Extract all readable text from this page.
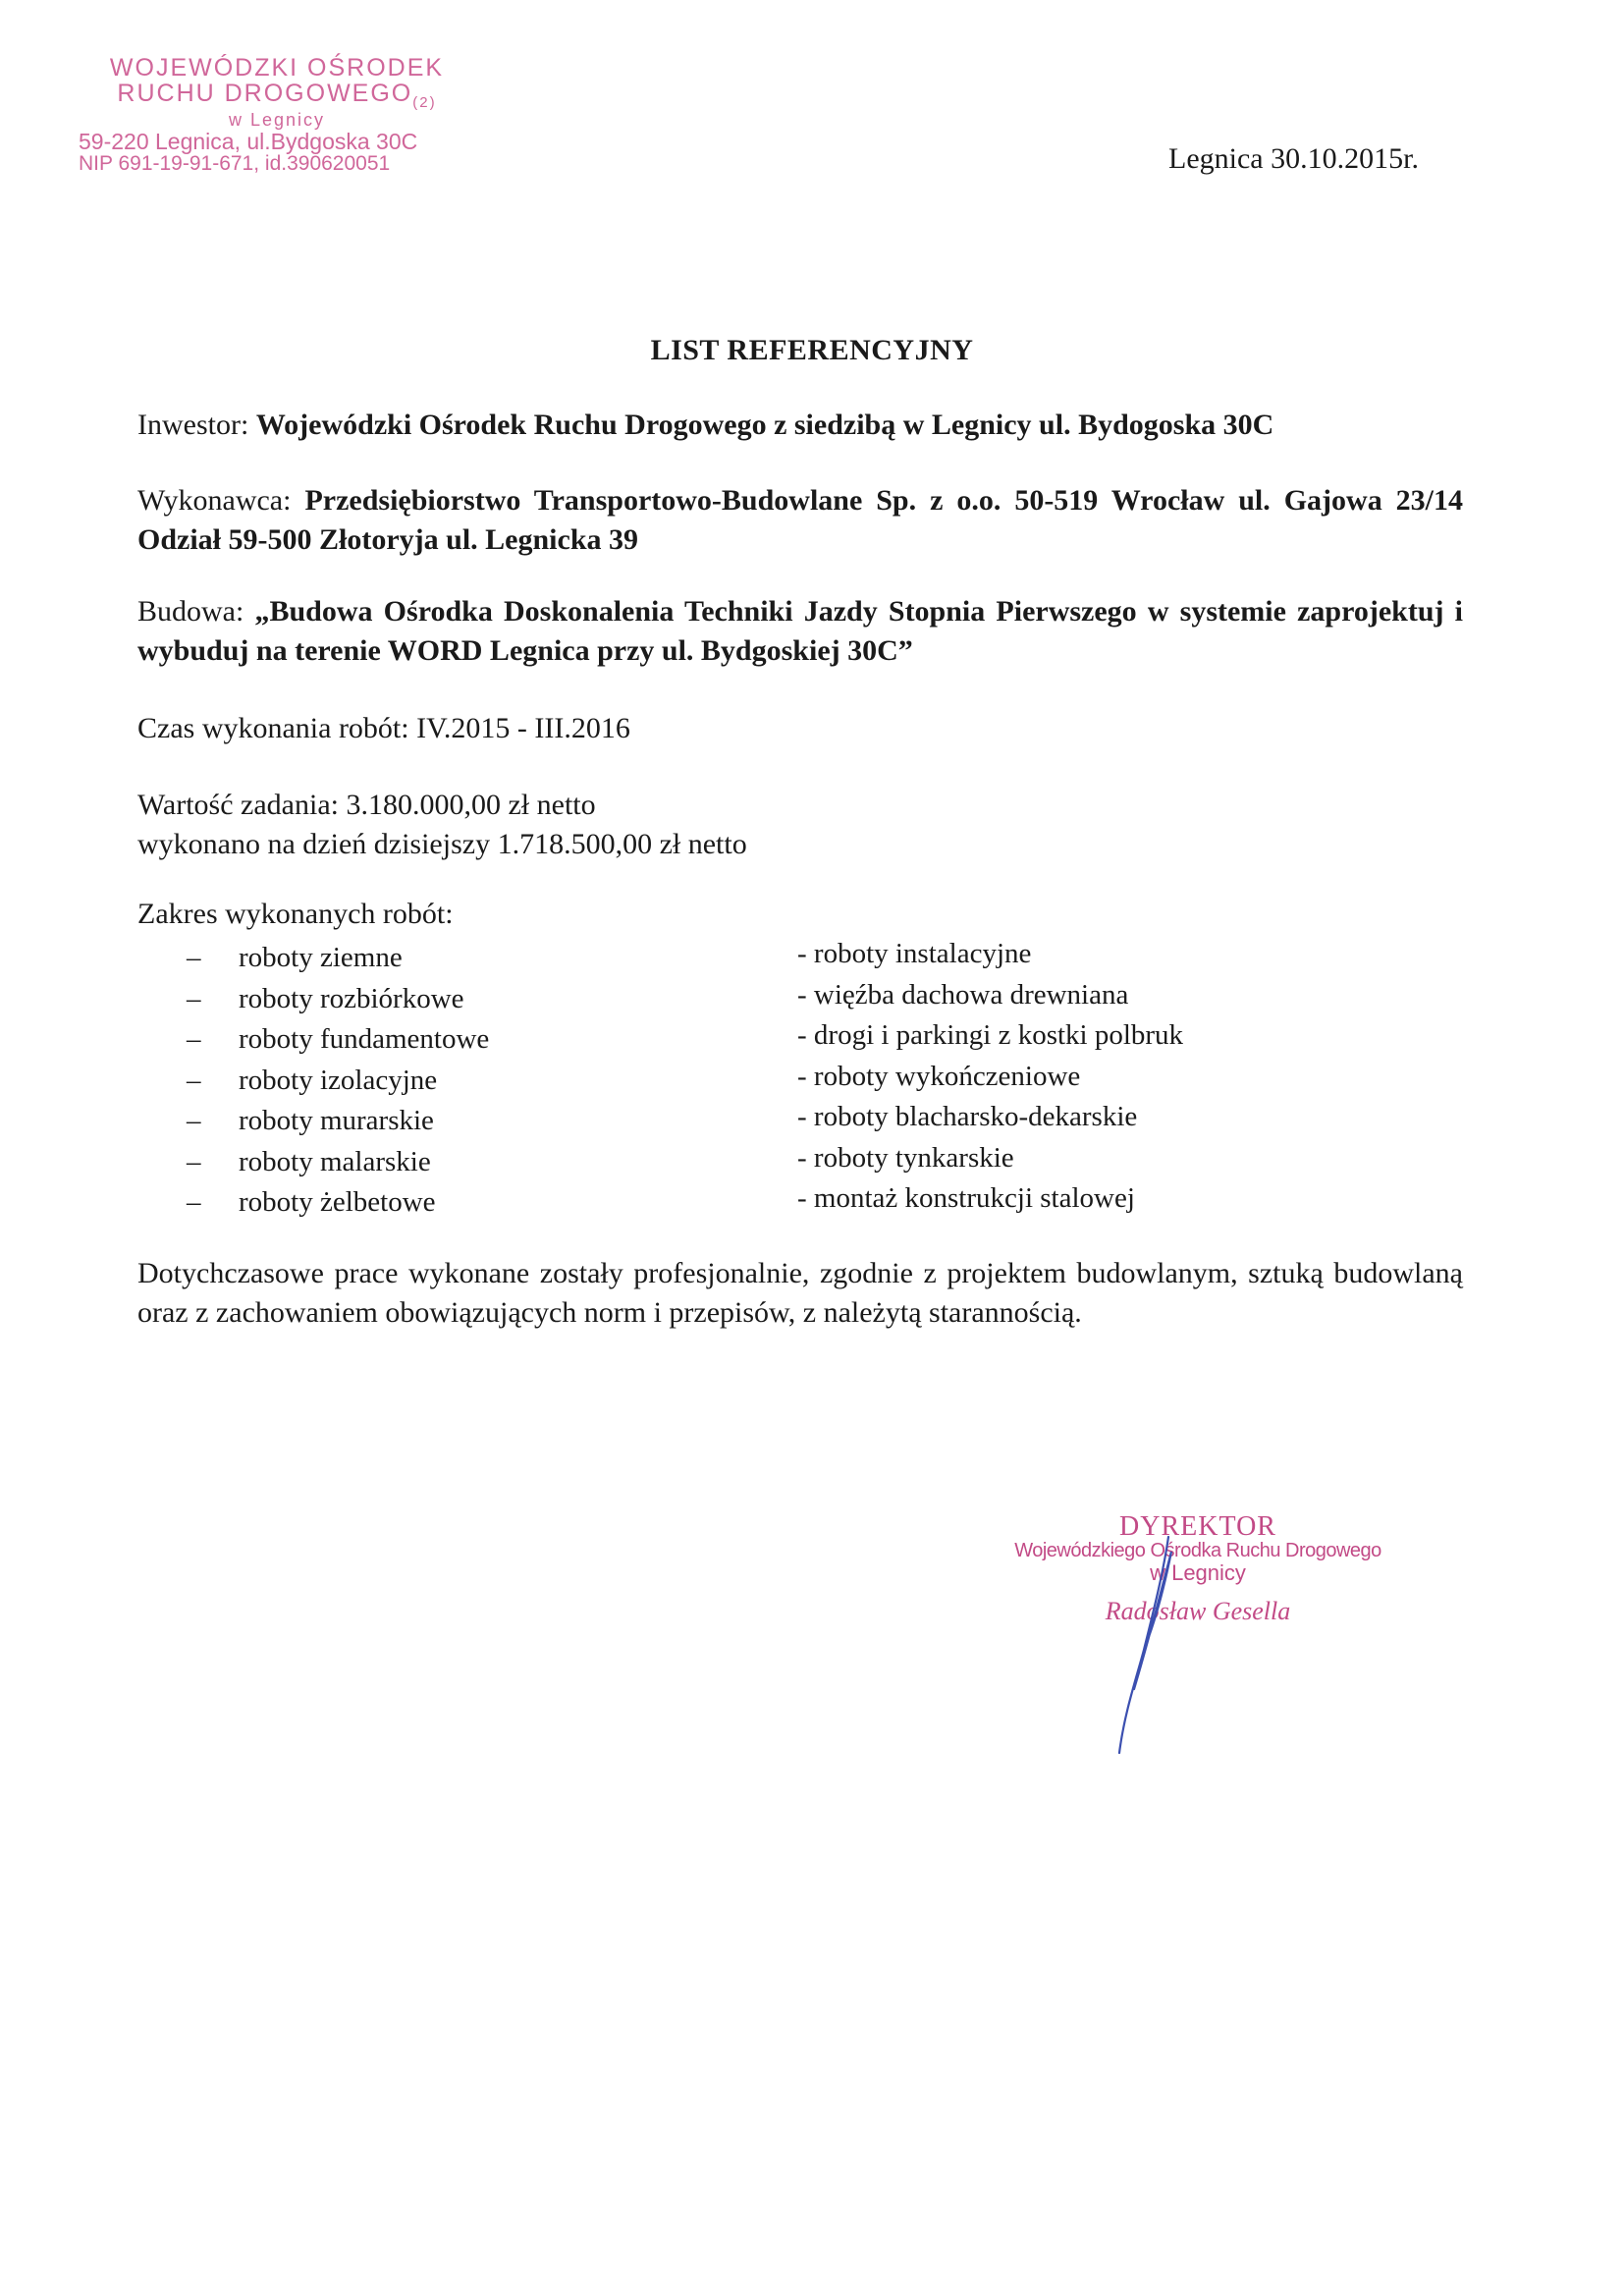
WOJEWÓDZKI OŚRODEK
RUCHU $DROGOWEGO_{(2)}$
w Legnicy
59-220 Legnica, ul.Bydgoska 30C
NIP 691-19-91-671, id.390620051	Legnica 30.10.2015r.
LIST REFERENCYJNY
Inwestor: Wojewódzki Ośrodek Ruchu Drogowego z siedzibą w Legnicy ul. Bydogoska 30C
Wykonawca: Przedsiębiorstwo Transportowo-Budowlane Sp. z o.o. 50-519 Wrocław ul. Gajowa 23/14 Odział 59-500 Złotoryja ul. Legnicka 39
Budowa: „Budowa Ośrodka Doskonalenia Techniki Jazdy Stopnia Pierwszego w systemie zaprojektuj i wybuduj na terenie WORD Legnica przy ul. Bydgoskiej 30C”
Czas wykonania robót: IV.2015 - III.2016
Wartość zadania: 3.180.000,00 zł netto
wykonano na dzień dzisiejszy 1.718.500,00 zł netto
Zakres wykonanych robót:
– roboty ziemne
– roboty rozbiórkowe
– roboty fundamentowe
– roboty izolacyjne
– roboty murarskie
– roboty malarskie
– roboty żelbetowe
- roboty instalacyjne
- więźba dachowa drewniana
- drogi i parkingi z kostki polbruk
- roboty wykończeniowe
- roboty blacharsko-dekarskie
- roboty tynkarskie
- montaż konstrukcji stalowej
Dotychczasowe prace wykonane zostały profesjonalnie, zgodnie z projektem budowlanym, sztuką budowlaną oraz z zachowaniem obowiązujących norm i przepisów, z należytą starannością.
DYREKTOR
Wojewódzkiego Ośrodka Ruchu Drogowego
w Legnicy
Radosław Gesella
